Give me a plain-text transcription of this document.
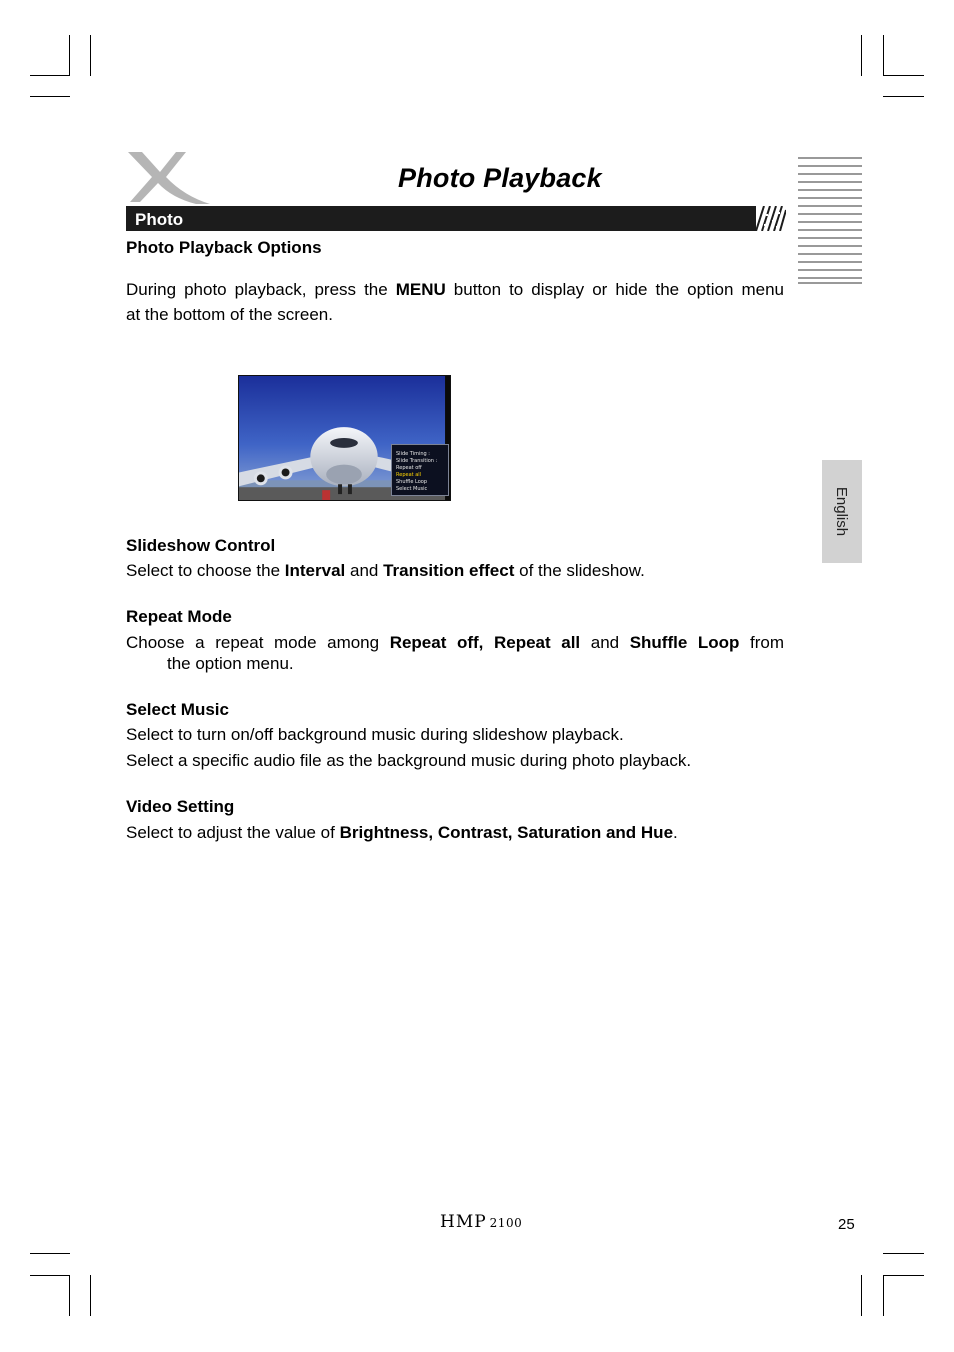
Photo Playback
Photo
English
Photo Playback Options
During photo playback, press the MENU button to display or hide the option menu
at the bottom of the screen.
Slide Timing :
Slide Transition :
Repeat off
Repeat all
Shuffle Loop
Select Music
Slideshow Control
Select to choose the Interval and Transition effect of the slideshow.
Repeat Mode
Choose a repeat mode among Repeat off, Repeat all and Shuffle Loop from
the option menu.
Select Music
Select to turn on/off background music during slideshow playback.
Select a specific audio file as the background music during photo playback.
Video Setting
Select to adjust the value of Brightness, Contrast, Saturation and Hue.
HMP 2100	25
